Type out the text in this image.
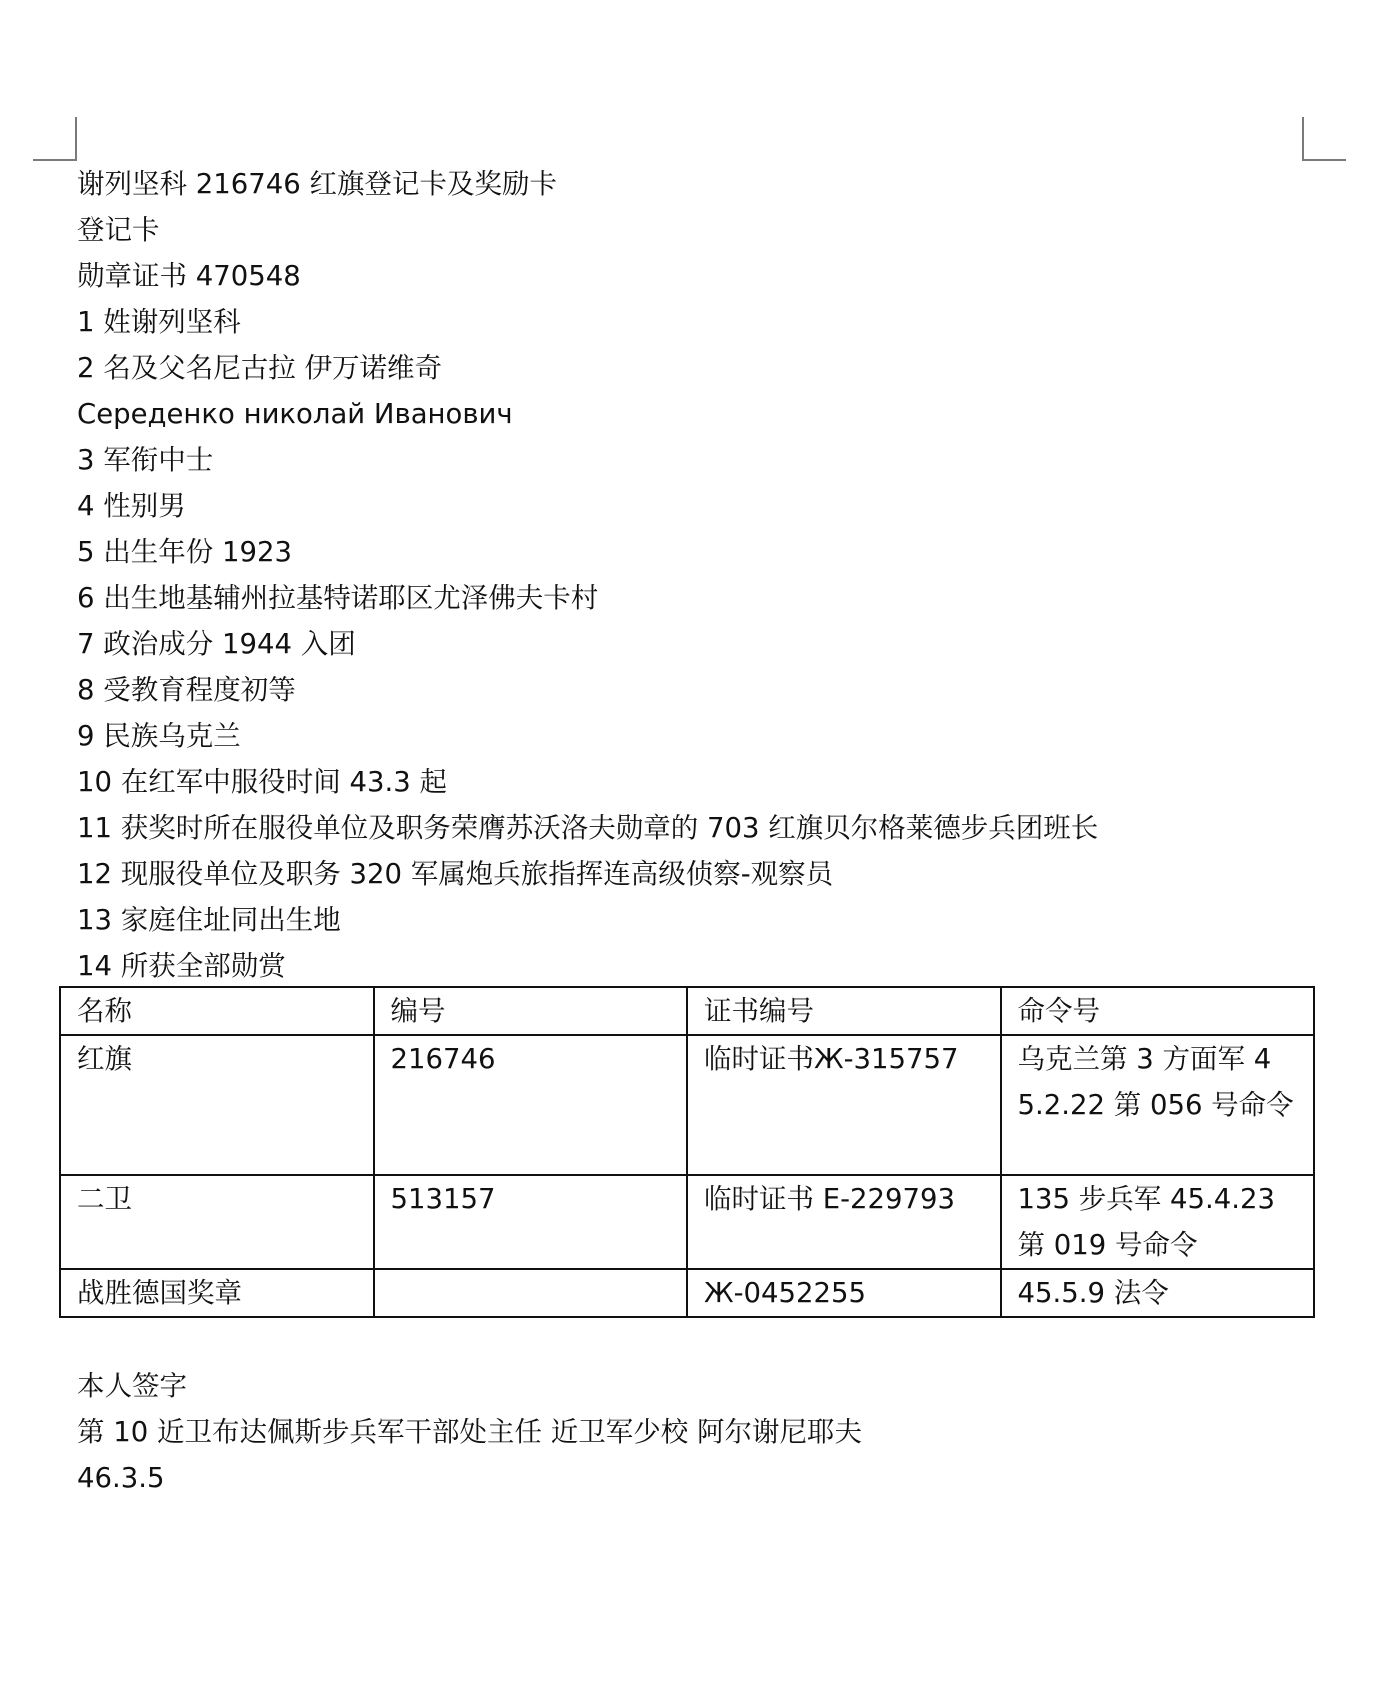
谢列坚科 216746 红旗登记卡及奖励卡
登记卡
勋章证书 470548
1 姓谢列坚科
2 名及父名尼古拉 伊万诺维奇
Середенко николай Иванович
3 军衔中士
4 性别男
5 出生年份 1923
6 出生地基辅州拉基特诺耶区尤泽佛夫卡村
7 政治成分 1944 入团
8 受教育程度初等
9 民族乌克兰
10 在红军中服役时间 43.3 起
11 获奖时所在服役单位及职务荣膺苏沃洛夫勋章的 703 红旗贝尔格莱德步兵团班长
12 现服役单位及职务 320 军属炮兵旅指挥连高级侦察-观察员
13 家庭住址同出生地
14 所获全部勋赏
名称	编号	证书编号	命令号
红旗	216746	临时证书Ж-315757	乌克兰第 3 方面军 45.2.22 第 056 号命令
二卫	513157	临时证书 E-229793	135 步兵军 45.4.23 第 019 号命令
战胜德国奖章		Ж-0452255	45.5.9 法令
本人签字
第 10 近卫布达佩斯步兵军干部处主任 近卫军少校 阿尔谢尼耶夫
46.3.5
